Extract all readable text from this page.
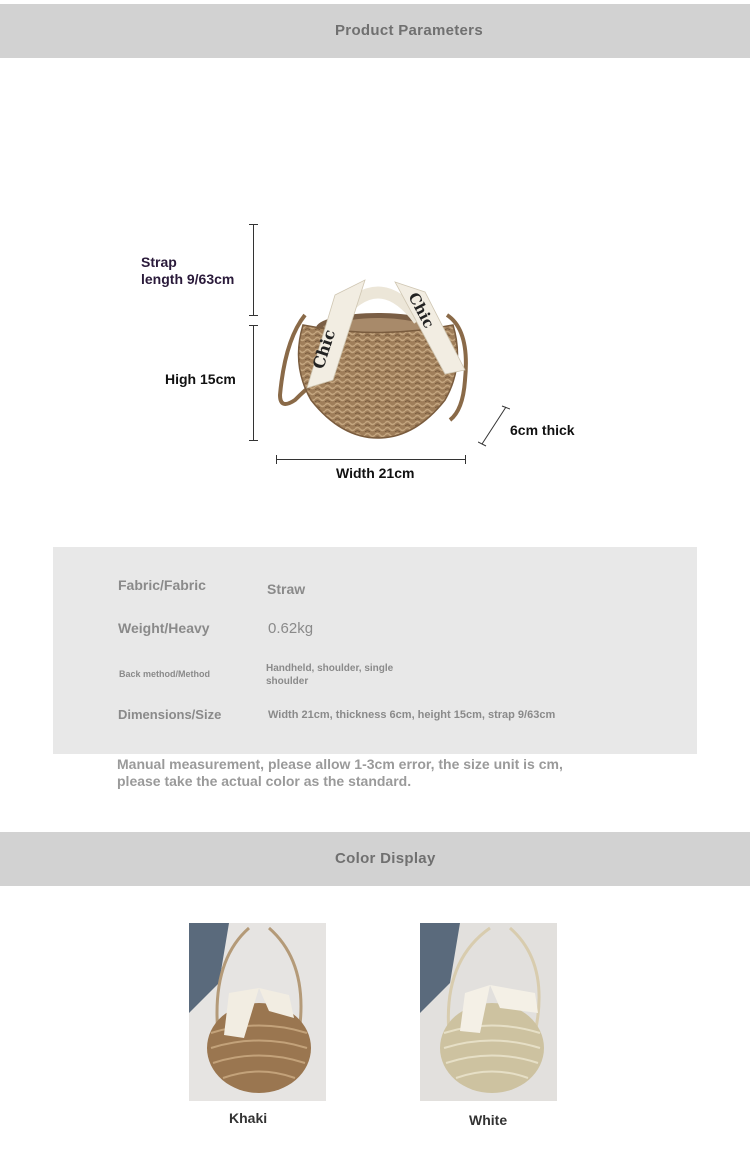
Product Parameters
Strap
length 9/63cm
High 15cm
6cm thick
Width 21cm
Chic
Chic
Fabric/Fabric	Straw
Weight/Heavy	0.62kg
Back method/Method	Handheld, shoulder, single
shoulder
Dimensions/Size	Width 21cm, thickness 6cm, height 15cm, strap 9/63cm
Manual measurement, please allow 1-3cm error, the size unit is cm,
please take the actual color as the standard.
Color Display
Khaki	White
